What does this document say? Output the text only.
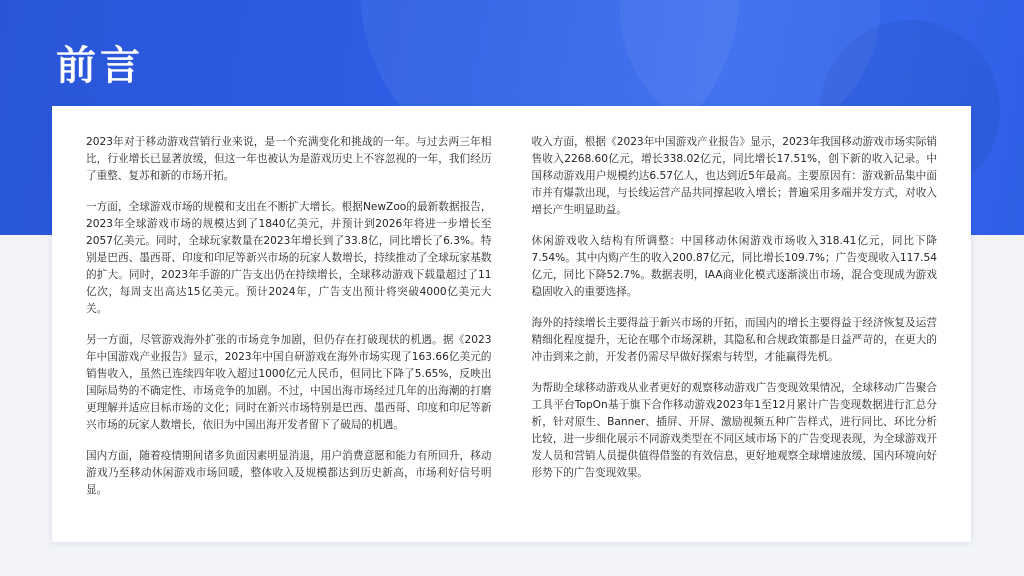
前言

2023年对于移动游戏营销行业来说，是一个充满变化和挑战的一年。与过去两三年相比，行业增长已显著放缓，但这一年也被认为是游戏历史上不容忽视的一年，我们经历了重整、复苏和新的市场开拓。

一方面，全球游戏市场的规模和支出在不断扩大增长。根据NewZoo的最新数据报告，2023年全球游戏市场的规模达到了1840亿美元，并预计到2026年将进一步增长至2057亿美元。同时，全球玩家数量在2023年增长到了33.8亿，同比增长了6.3%。特别是巴西、墨西哥、印度和印尼等新兴市场的玩家人数增长，持续推动了全球玩家基数的扩大。同时，2023年手游的广告支出仍在持续增长，全球移动游戏下载量超过了11亿次，每周支出高达15亿美元。预计2024年，广告支出预计将突破4000亿美元大关。

另一方面，尽管游戏海外扩张的市场竞争加剧，但仍存在打破现状的机遇。据《2023年中国游戏产业报告》显示，2023年中国自研游戏在海外市场实现了163.66亿美元的销售收入，虽然已连续四年收入超过1000亿元人民币，但同比下降了5.65%，反映出国际局势的不确定性、市场竞争的加剧。不过，中国出海市场经过几年的出海潮的打磨更理解并适应目标市场的文化；同时在新兴市场特别是巴西、墨西哥、印度和印尼等新兴市场的玩家人数增长，依旧为中国出海开发者留下了破局的机遇。

国内方面，随着疫情期间诸多负面因素明显消退，用户消费意愿和能力有所回升，移动游戏乃至移动休闲游戏市场回暖，整体收入及规模都达到历史新高，市场利好信号明显。

收入方面，根据《2023年中国游戏产业报告》显示，2023年我国移动游戏市场实际销售收入2268.60亿元，增长338.02亿元，同比增长17.51%，创下新的收入记录。中国移动游戏用户规模约达6.57亿人，也达到近5年最高。主要原因有：游戏新品集中面市并有爆款出现，与长线运营产品共同撑起收入增长；普遍采用多端并发方式，对收入增长产生明显助益。

休闲游戏收入结构有所调整：中国移动休闲游戏市场收入318.41亿元，同比下降7.54%。其中内购产生的收入200.87亿元，同比增长109.7%；广告变现收入117.54亿元，同比下降52.7%。数据表明，IAA商业化模式逐渐淡出市场，混合变现成为游戏稳固收入的重要选择。

海外的持续增长主要得益于新兴市场的开拓，而国内的增长主要得益于经济恢复及运营精细化程度提升，无论在哪个市场深耕，其隐私和合规政策都是日益严苛的，在更大的冲击到来之前，开发者仍需尽早做好探索与转型，才能赢得先机。

为帮助全球移动游戏从业者更好的观察移动游戏广告变现效果情况，全球移动广告聚合工具平台TopOn基于旗下合作移动游戏2023年1至12月累计广告变现数据进行汇总分析，针对原生、Banner、插屏、开屏、激励视频五种广告样式，进行同比、环比分析比较，进一步细化展示不同游戏类型在不同区域市场下的广告变现表现，为全球游戏开发人员和营销人员提供值得借鉴的有效信息，更好地观察全球增速放缓、国内环境向好形势下的广告变现效果。
